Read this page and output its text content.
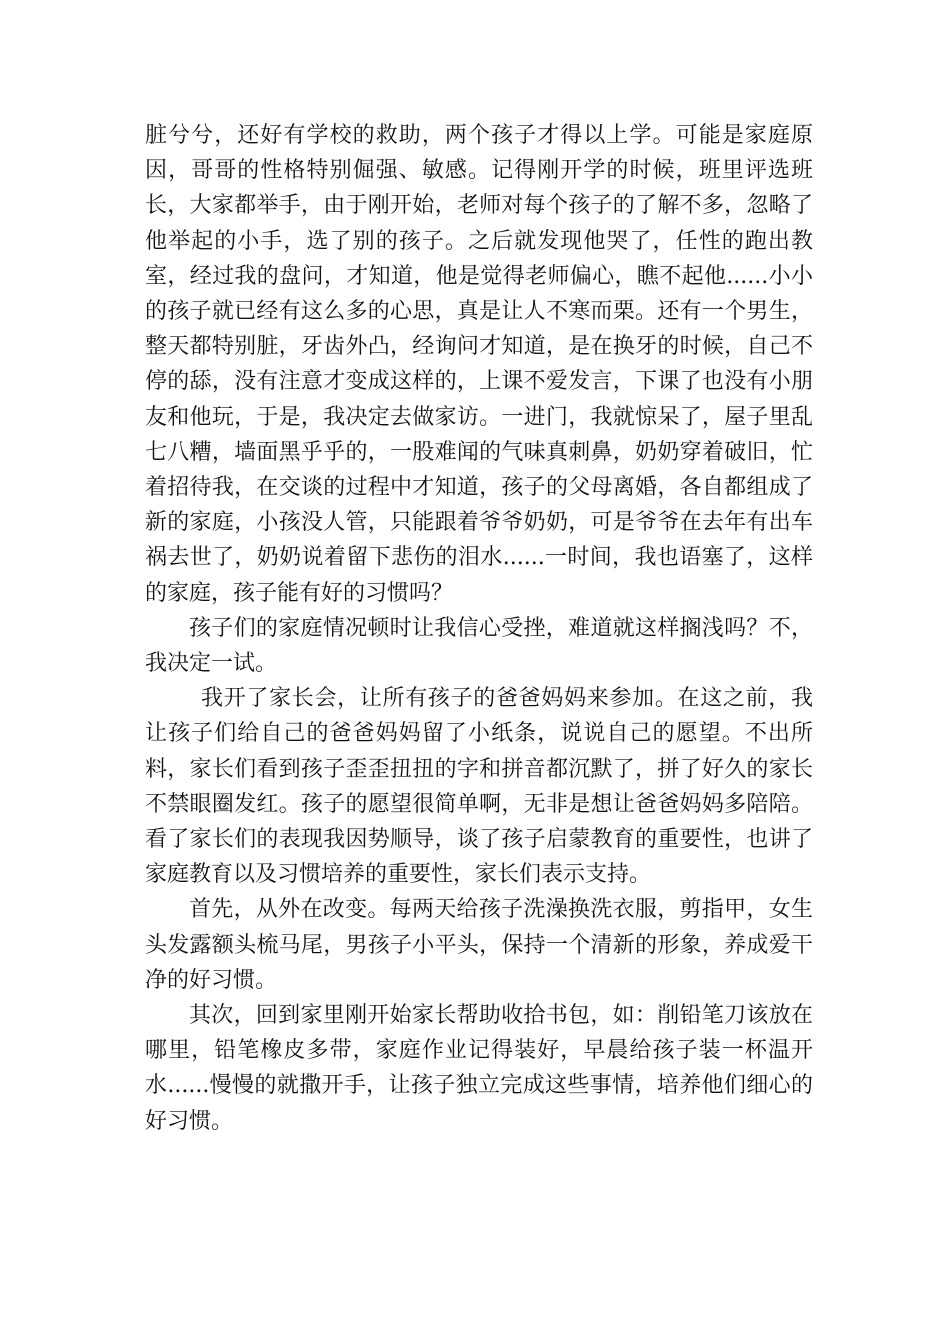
脏兮兮，还好有学校的救助，两个孩子才得以上学。可能是家庭原因，哥哥的性格特别倔强、敏感。记得刚开学的时候，班里评选班长，大家都举手，由于刚开始，老师对每个孩子的了解不多，忽略了他举起的小手，选了别的孩子。之后就发现他哭了，任性的跑出教室，经过我的盘问，才知道，他是觉得老师偏心，瞧不起他......小小的孩子就已经有这么多的心思，真是让人不寒而栗。还有一个男生，整天都特别脏，牙齿外凸，经询问才知道，是在换牙的时候，自己不停的舔，没有注意才变成这样的，上课不爱发言，下课了也没有小朋友和他玩，于是，我决定去做家访。一进门，我就惊呆了，屋子里乱七八糟，墙面黑乎乎的，一股难闻的气味真刺鼻，奶奶穿着破旧，忙着招待我，在交谈的过程中才知道，孩子的父母离婚，各自都组成了新的家庭，小孩没人管，只能跟着爷爷奶奶，可是爷爷在去年有出车祸去世了，奶奶说着留下悲伤的泪水......一时间，我也语塞了，这样的家庭，孩子能有好的习惯吗？

孩子们的家庭情况顿时让我信心受挫，难道就这样搁浅吗？不，我决定一试。

我开了家长会，让所有孩子的爸爸妈妈来参加。在这之前，我让孩子们给自己的爸爸妈妈留了小纸条，说说自己的愿望。不出所料，家长们看到孩子歪歪扭扭的字和拼音都沉默了，拼了好久的家长不禁眼圈发红。孩子的愿望很简单啊，无非是想让爸爸妈妈多陪陪。看了家长们的表现我因势顺导，谈了孩子启蒙教育的重要性，也讲了家庭教育以及习惯培养的重要性，家长们表示支持。

首先，从外在改变。每两天给孩子洗澡换洗衣服，剪指甲，女生头发露额头梳马尾，男孩子小平头，保持一个清新的形象，养成爱干净的好习惯。

其次，回到家里刚开始家长帮助收拾书包，如：削铅笔刀该放在哪里，铅笔橡皮多带，家庭作业记得装好，早晨给孩子装一杯温开水......慢慢的就撒开手，让孩子独立完成这些事情，培养他们细心的好习惯。
